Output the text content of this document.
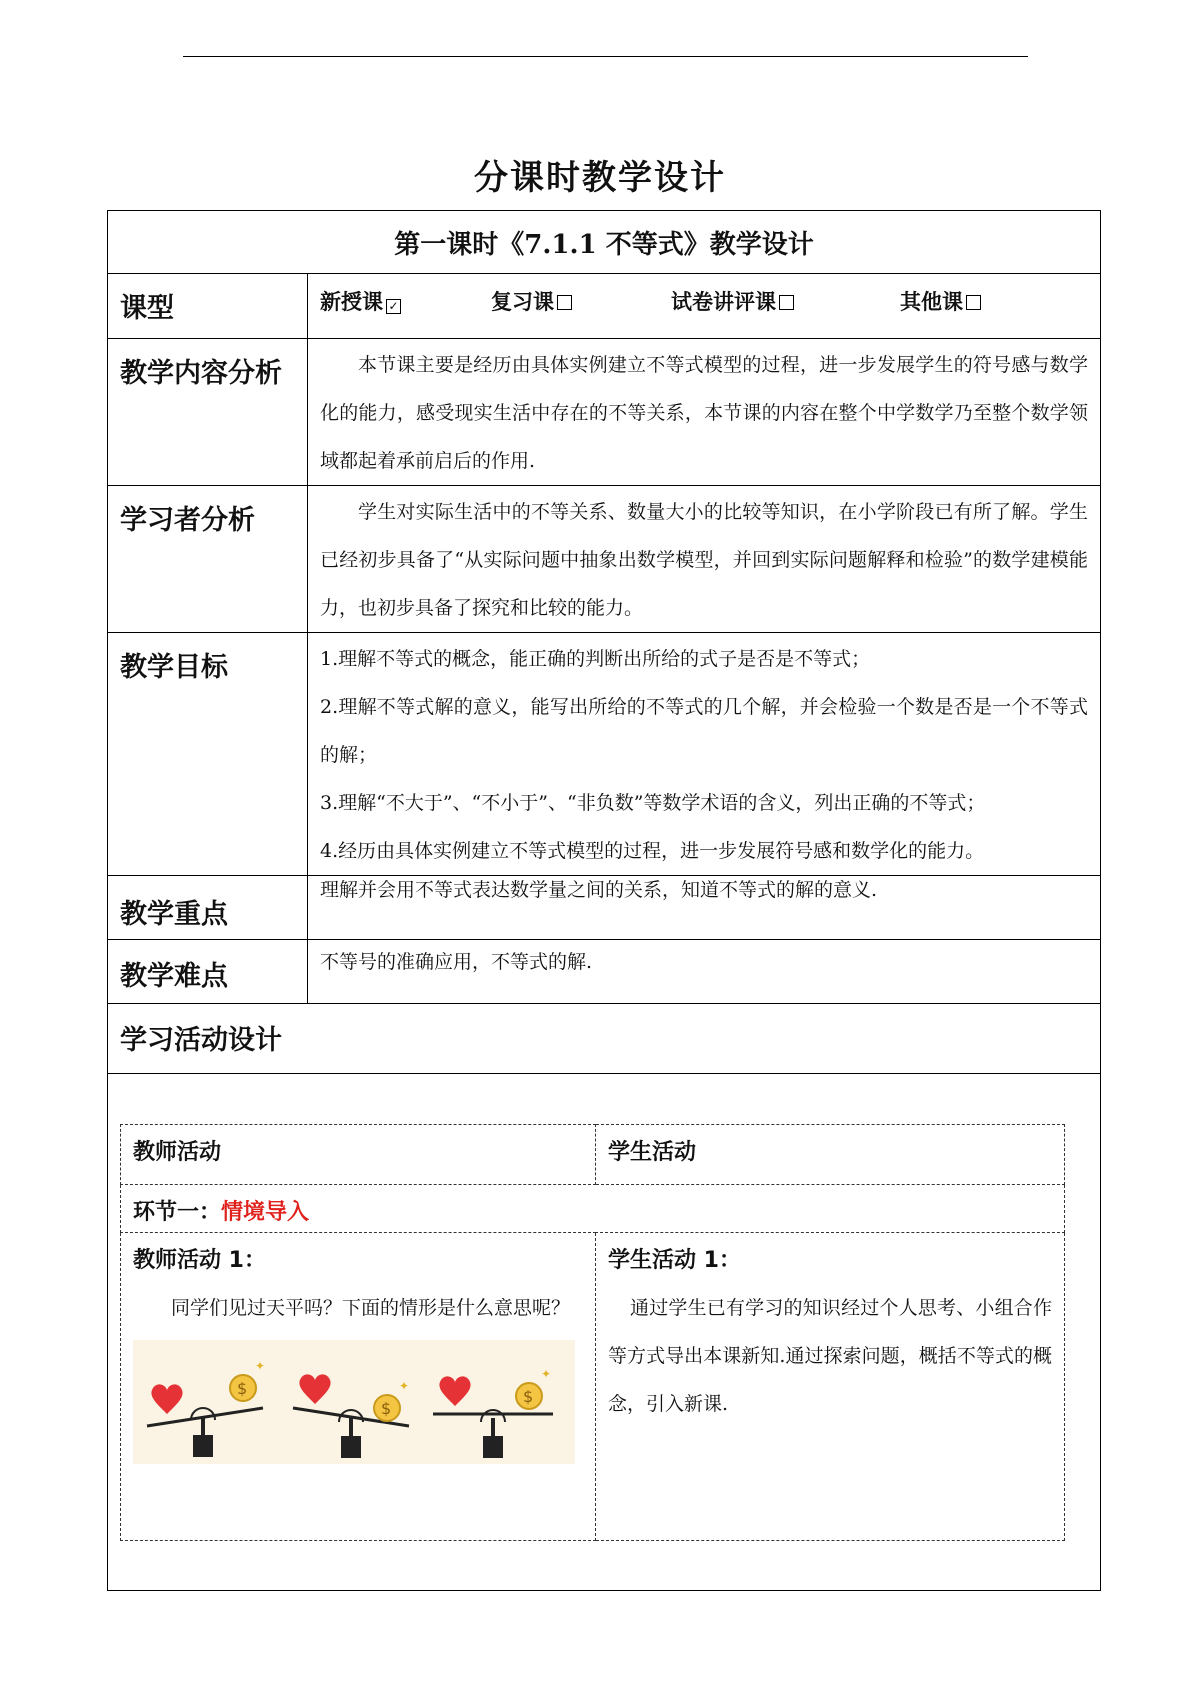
分课时教学设计
第一课时《7.1.1 不等式》教学设计
课型	新授课 ✓	复习课	试卷讲评课	其他课

教学内容分析	本节课主要是经历由具体实例建立不等式模型的过程，进一步发展学生的符号感与数学化的能力，感受现实生活中存在的不等关系，本节课的内容在整个中学数学乃至整个数学领域都起着承前启后的作用.
学习者分析	学生对实际生活中的不等关系、数量大小的比较等知识，在小学阶段已有所了解。学生已经初步具备了“从实际问题中抽象出数学模型，并回到实际问题解释和检验”的数学建模能力，也初步具备了探究和比较的能力。
教学目标	1.理解不等式的概念，能正确的判断出所给的式子是否是不等式；
2.理解不等式解的意义，能写出所给的不等式的几个解，并会检验一个数是否是一个不等式的解；
3.理解“不大于”、“不小于”、“非负数”等数学术语的含义，列出正确的不等式；
4.经历由具体实例建立不等式模型的过程，进一步发展符号感和数学化的能力。

教学重点	理解并会用不等式表达数学量之间的关系，知道不等式的解的意义.
教学难点	不等号的准确应用，不等式的解.
学习活动设计

教师活动	学生活动
环节一：情境导入

教师活动 1：
同学们见过天平吗？下面的情形是什么意思呢？
$
✦
$
✦
$
✦

学生活动 1：
通过学生已有学习的知识经过个人思考、小组合作等方式导出本课新知.通过探索问题，概括不等式的概念，引入新课.
